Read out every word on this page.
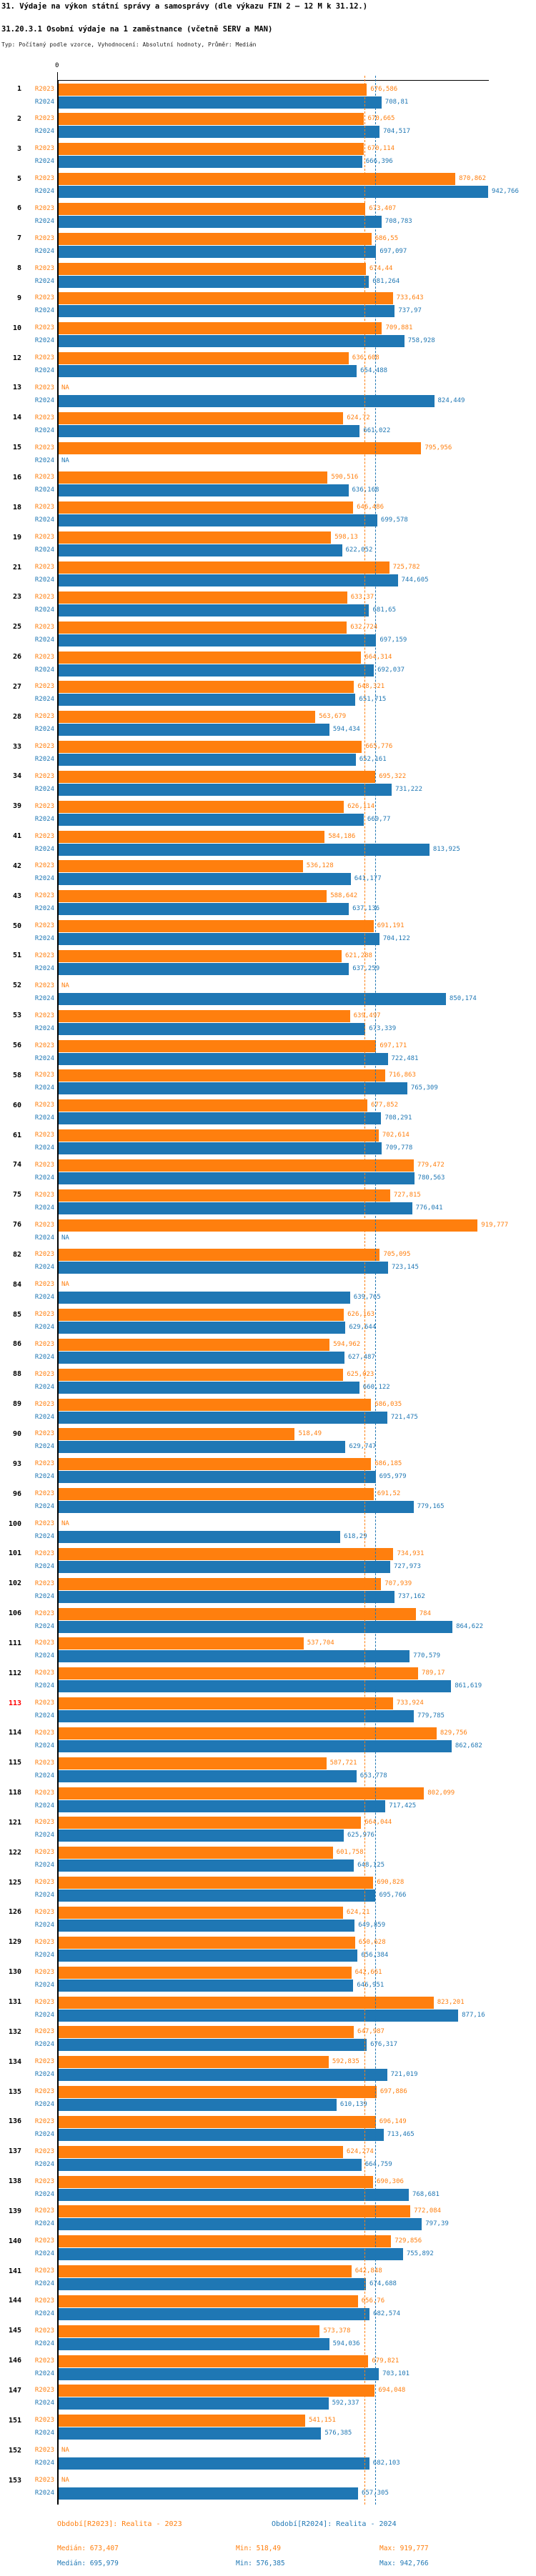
31. Výdaje na výkon státní správy a samosprávy (dle výkazu FIN 2 – 12 M k 31.12.)
31.20.3.1 Osobní výdaje na 1 zaměstnance (včetně SERV a MAN)
Typ: Počítaný podle vzorce, Vyhodnocení: Absolutní hodnoty, Průměr: Medián
0
1	R2023	676,586
R2024	708,81
2	R2023	670,665
R2024	704,517
3	R2023	670,114
R2024	666,396
5	R2023	870,862
R2024	942,766
6	R2023	673,407
R2024	708,783
7	R2023	686,55
R2024	697,097
8	R2023	674,44
R2024	681,264
9	R2023	733,643
R2024	737,97
10	R2023	709,881
R2024	758,928
12	R2023	636,608
R2024	654,488
13	R2023 NA
R2024	824,449
14	R2023	624,72
R2024	661,022
15	R2023	795,956
R2024 NA
16	R2023	590,516
R2024	636,168
18	R2023	646,486
R2024	699,578
19	R2023	598,13
R2024	622,052
21	R2023	725,782
R2024	744,605
23	R2023	633,37
R2024	681,65
25	R2023	632,724
R2024	697,159
26	R2023	664,314
R2024	692,037
27	R2023	648,321
R2024	651,715
28	R2023	563,679
R2024	594,434
33	R2023	665,776
R2024	652,161
34	R2023	695,322
R2024	731,222
39	R2023	626,114
R2024	669,77
41	R2023	584,186
R2024	813,925
42	R2023	536,128
R2024	641,177
43	R2023	588,642
R2024	637,136
50	R2023	691,191
R2024	704,122
51	R2023	621,288
R2024	637,259
52	R2023 NA
R2024	850,174
53	R2023	639,497
R2024	673,339
56	R2023	697,171
R2024	722,481
58	R2023	716,863
R2024	765,309
60	R2023	677,852
R2024	708,291
61	R2023	702,614
R2024	709,778
74	R2023	779,472
R2024	780,563
75	R2023	727,815
R2024	776,041
76	R2023	919,777
R2024 NA
82	R2023	705,095
R2024	723,145
84	R2023 NA
R2024	639,765
85	R2023	626,163
R2024	629,644
86	R2023	594,962
R2024	627,487
88	R2023	625,023
R2024	660,122
89	R2023	686,035
R2024	721,475
90	R2023	518,49
R2024	629,747
93	R2023	686,185
R2024	695,979
96	R2023	691,52
R2024	779,165
100	R2023 NA
R2024	618,29
101	R2023	734,931
R2024	727,973
102	R2023	707,939
R2024	737,162
106	R2023	784
R2024	864,622
111	R2023	537,704
R2024	770,579
112	R2023	789,17
R2024	861,619
113	R2023	733,924
R2024	779,785
114	R2023	829,756
R2024	862,682
115	R2023	587,721
R2024	653,778
118	R2023	802,099
R2024	717,425
121	R2023	664,044
R2024	625,976
122	R2023	601,758
R2024	648,125
125	R2023	690,828
R2024	695,766
126	R2023	624,21
R2024	649,859
129	R2023	650,628
R2024	656,384
130	R2023	642,661
R2024	646,951
131	R2023	823,201
R2024	877,16
132	R2023	647,987
R2024	676,317
134	R2023	592,835
R2024	721,019
135	R2023	697,886
R2024	610,139
136	R2023	696,149
R2024	713,465
137	R2023	624,274
R2024	664,759
138	R2023	690,306
R2024	768,681
139	R2023	772,084
R2024	797,39
140	R2023	729,856
R2024	755,892
141	R2023	642,848
R2024	674,688
144	R2023	656,76
R2024	682,574
145	R2023	573,378
R2024	594,036
146	R2023	679,821
R2024	703,101
147	R2023	694,048
R2024	592,337
151	R2023	541,151
R2024	576,385
152	R2023 NA
R2024	682,103
153	R2023 NA
R2024	657,305
Období[R2023]: Realita - 2023	Období[R2024]: Realita - 2024
Medián: 673,407	Min: 518,49	Max: 919,777
Medián: 695,979	Min: 576,385	Max: 942,766
